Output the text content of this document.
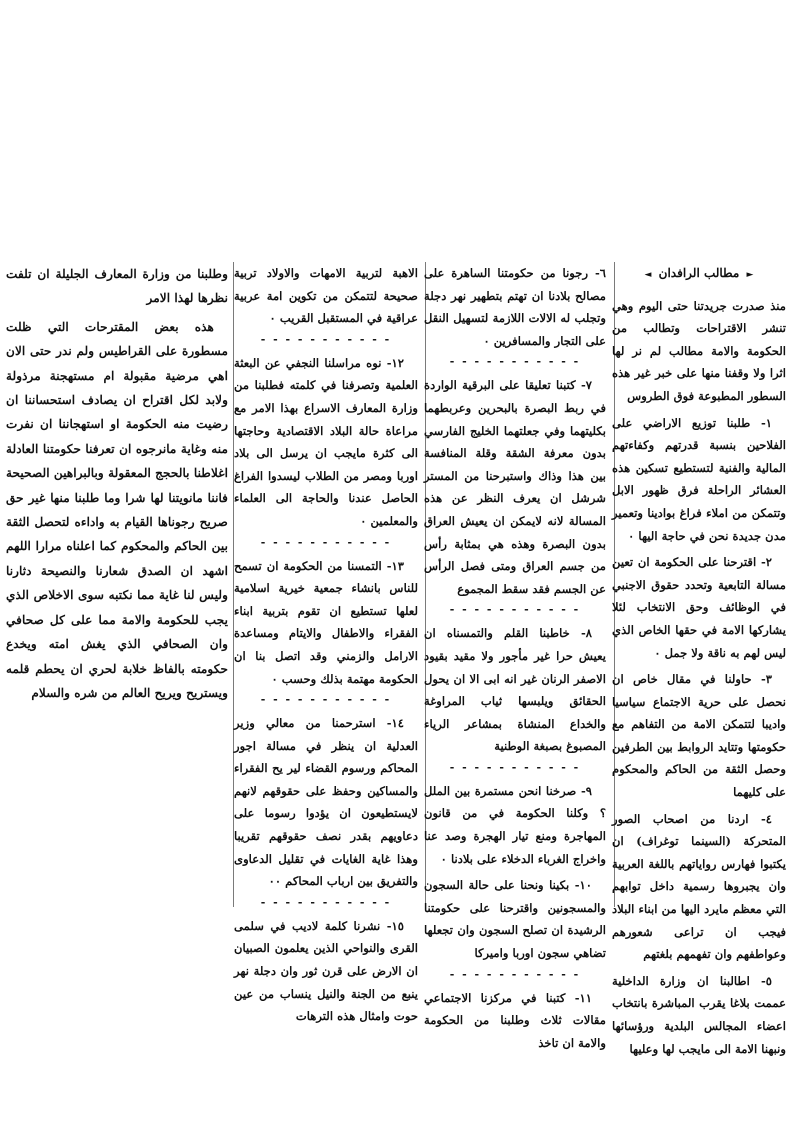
► مطالب الرافدان ◄

منذ صدرت جريدتنا حتى اليوم وهي تنشر الاقتراحات وتطالب من الحكومة والامة مطالب لم نر لها اثرا ولا وقفنا منها على خبر غير هذه السطور المطبوعة فوق الطروس

١- طلبنا توزيع الاراضي على الفلاحين بنسبة قدرتهم وكفاءتهم المالية والفنية لتستطيع تسكين هذه العشائر الراحلة فرق ظهور الابل وتتمكن من املاء فراغ بوادينا وتعمير مدن جديدة نحن في حاجة اليها ٠

٢- اقترحنا على الحكومة ان تعين مسالة التابعية وتحدد حقوق الاجنبي في الوظائف وحق الانتخاب لئلا يشاركها الامة في حقها الخاص الذي ليس لهم به ناقة ولا جمل ٠

٣- حاولنا في مقال خاص ان نحصل على حرية الاجتماع سياسيا واديبا لتتمكن الامة من التفاهم مع حكومتها وتتايد الروابط بين الطرفين وحصل الثقة من الحاكم والمحكوم على كليهما

٤- اردنا من اصحاب الصور المتحركة (السينما توغراف) ان يكتبوا فهارس رواياتهم باللغة العربية وان يجبروها رسمية داخل توابهم التي معظم مايرد اليها من ابناء البلاد فيجب ان تراعى شعورهم وعواطفهم وان تفهمهم بلغتهم

٥- اطالبنا ان وزارة الداخلية عممت بلاغا يقرب المباشرة بانتخاب اعضاء المجالس البلدية ورؤسائها ونبهنا الامة الى مايجب لها وعليها

٦- رجونا من حكومتنا الساهرة على مصالح بلادنا ان تهتم بتطهير نهر دجلة وتجلب له الالات اللازمة لتسهيل النقل على التجار والمسافرين ٠

- - - - - - - - - - -

٧- كتبنا تعليقا على البرقية الواردة في ربط البصرة بالبحرين وعربطهما بكليتهما وفي جعلتهما الخليج الفارسي بدون معرفة الشقة وقلة المنافسة بين هذا وذاك واستبرحنا من المستر شرشل ان يعرف النظر عن هذه المسالة لانه لايمكن ان يعيش العراق بدون البصرة وهذه هي بمثابة رأس من جسم العراق ومتى فصل الرأس عن الجسم فقد سقط المجموع

- - - - - - - - - - -

٨- خاطبنا القلم والتمسناه ان يعيش حرا غير مأجور ولا مقيد بقيود الاصفر الرنان غير انه ابى الا ان يحول الحقائق ويلبسها ثياب المراوغة والخداع المنشاة بمشاعر الرياء المصبوغ بصبغة الوطنية

- - - - - - - - - - -

٩- صرخنا انحن مستمرة بين الملل ؟ وكلنا الحكومة في من قانون المهاجرة ومنع تيار الهجرة وصد عنا واخراج الغرباء الدخلاء على بلادنا ٠

١٠- بكينا ونحنا على حالة السجون والمسجونين واقترحنا على حكومتنا الرشيدة ان تصلح السجون وان تجعلها تضاهي سجون اوربا واميركا

- - - - - - - - - - -

١١- كتبنا في مركزنا الاجتماعي مقالات ثلاث وطلبنا من الحكومة والامة ان تاخذ

الاهبة لتربية الامهات والاولاد تربية صحيحة لتتمكن من تكوين امة عربية عراقية في المستقبل القريب ٠

- - - - - - - - - - -

١٢- نوه مراسلنا النجفي عن البعثة العلمية وتصرفنا في كلمته فطلبنا من وزارة المعارف الاسراع بهذا الامر مع مراعاة حالة البلاد الاقتصادية وحاجتها الى كثرة مايجب ان يرسل الى بلاد اوربا ومصر من الطلاب ليسدوا الفراغ الحاصل عندنا والحاجة الى العلماء والمعلمين ٠

- - - - - - - - - - -

١٣- التمسنا من الحكومة ان تسمح للناس بانشاء جمعية خيرية اسلامية لعلها تستطيع ان تقوم بتربية ابناء الفقراء والاطفال والايتام ومساعدة الارامل والزمني وقد اتصل بنا ان الحكومة مهتمة بذلك وحسب ٠

- - - - - - - - - - -

١٤- استرحمنا من معالي وزير العدلية ان ينظر في مسالة اجور المحاكم ورسوم القضاء لير يح الفقراء والمساكين وحفظ على حقوقهم لانهم لايستطيعون ان يؤدوا رسوما على دعاويهم بقدر نصف حقوقهم تقريبا وهذا غاية الغايات في تقليل الدعاوى والتفريق بين ارباب المحاكم ٠٠

- - - - - - - - - - -

١٥- نشرنا كلمة لاديب في سلمى القرى والنواحي الذين يعلمون الصبيان ان الارض على قرن ثور وان دجلة نهر ينبع من الجنة والنيل ينساب من عين حوت وامثال هذه الترهات

وطلبنا من وزارة المعارف الجليلة ان تلفت نظرها لهذا الامر

هذه بعض المقترحات التي ظلت مسطورة على القراطيس ولم ندر حتى الان اهي مرضية مقبولة ام مستهجنة مرذولة ولابد لكل اقتراح ان يصادف استحساننا ان رضيت منه الحكومة او استهجاننا ان نفرت منه وغاية مانرجوه ان تعرفنا حكومتنا العادلة اغلاطنا بالحجج المعقولة وبالبراهين الصحيحة فاننا مانويتنا لها شرا وما طلبنا منها غير حق صريح رجوناها القيام به واداءه لتحصل الثقة بين الحاكم والمحكوم كما اعلناه مرارا اللهم اشهد ان الصدق شعارنا والنصيحة دثارنا وليس لنا غاية مما نكتبه سوى الاخلاص الذي يجب للحكومة والامة مما على كل صحافي وان الصحافي الذي يغش امته ويخدع حكومته بالفاظ خلابة لحري ان يحطم قلمه ويستريح ويريح العالم من شره والسلام
